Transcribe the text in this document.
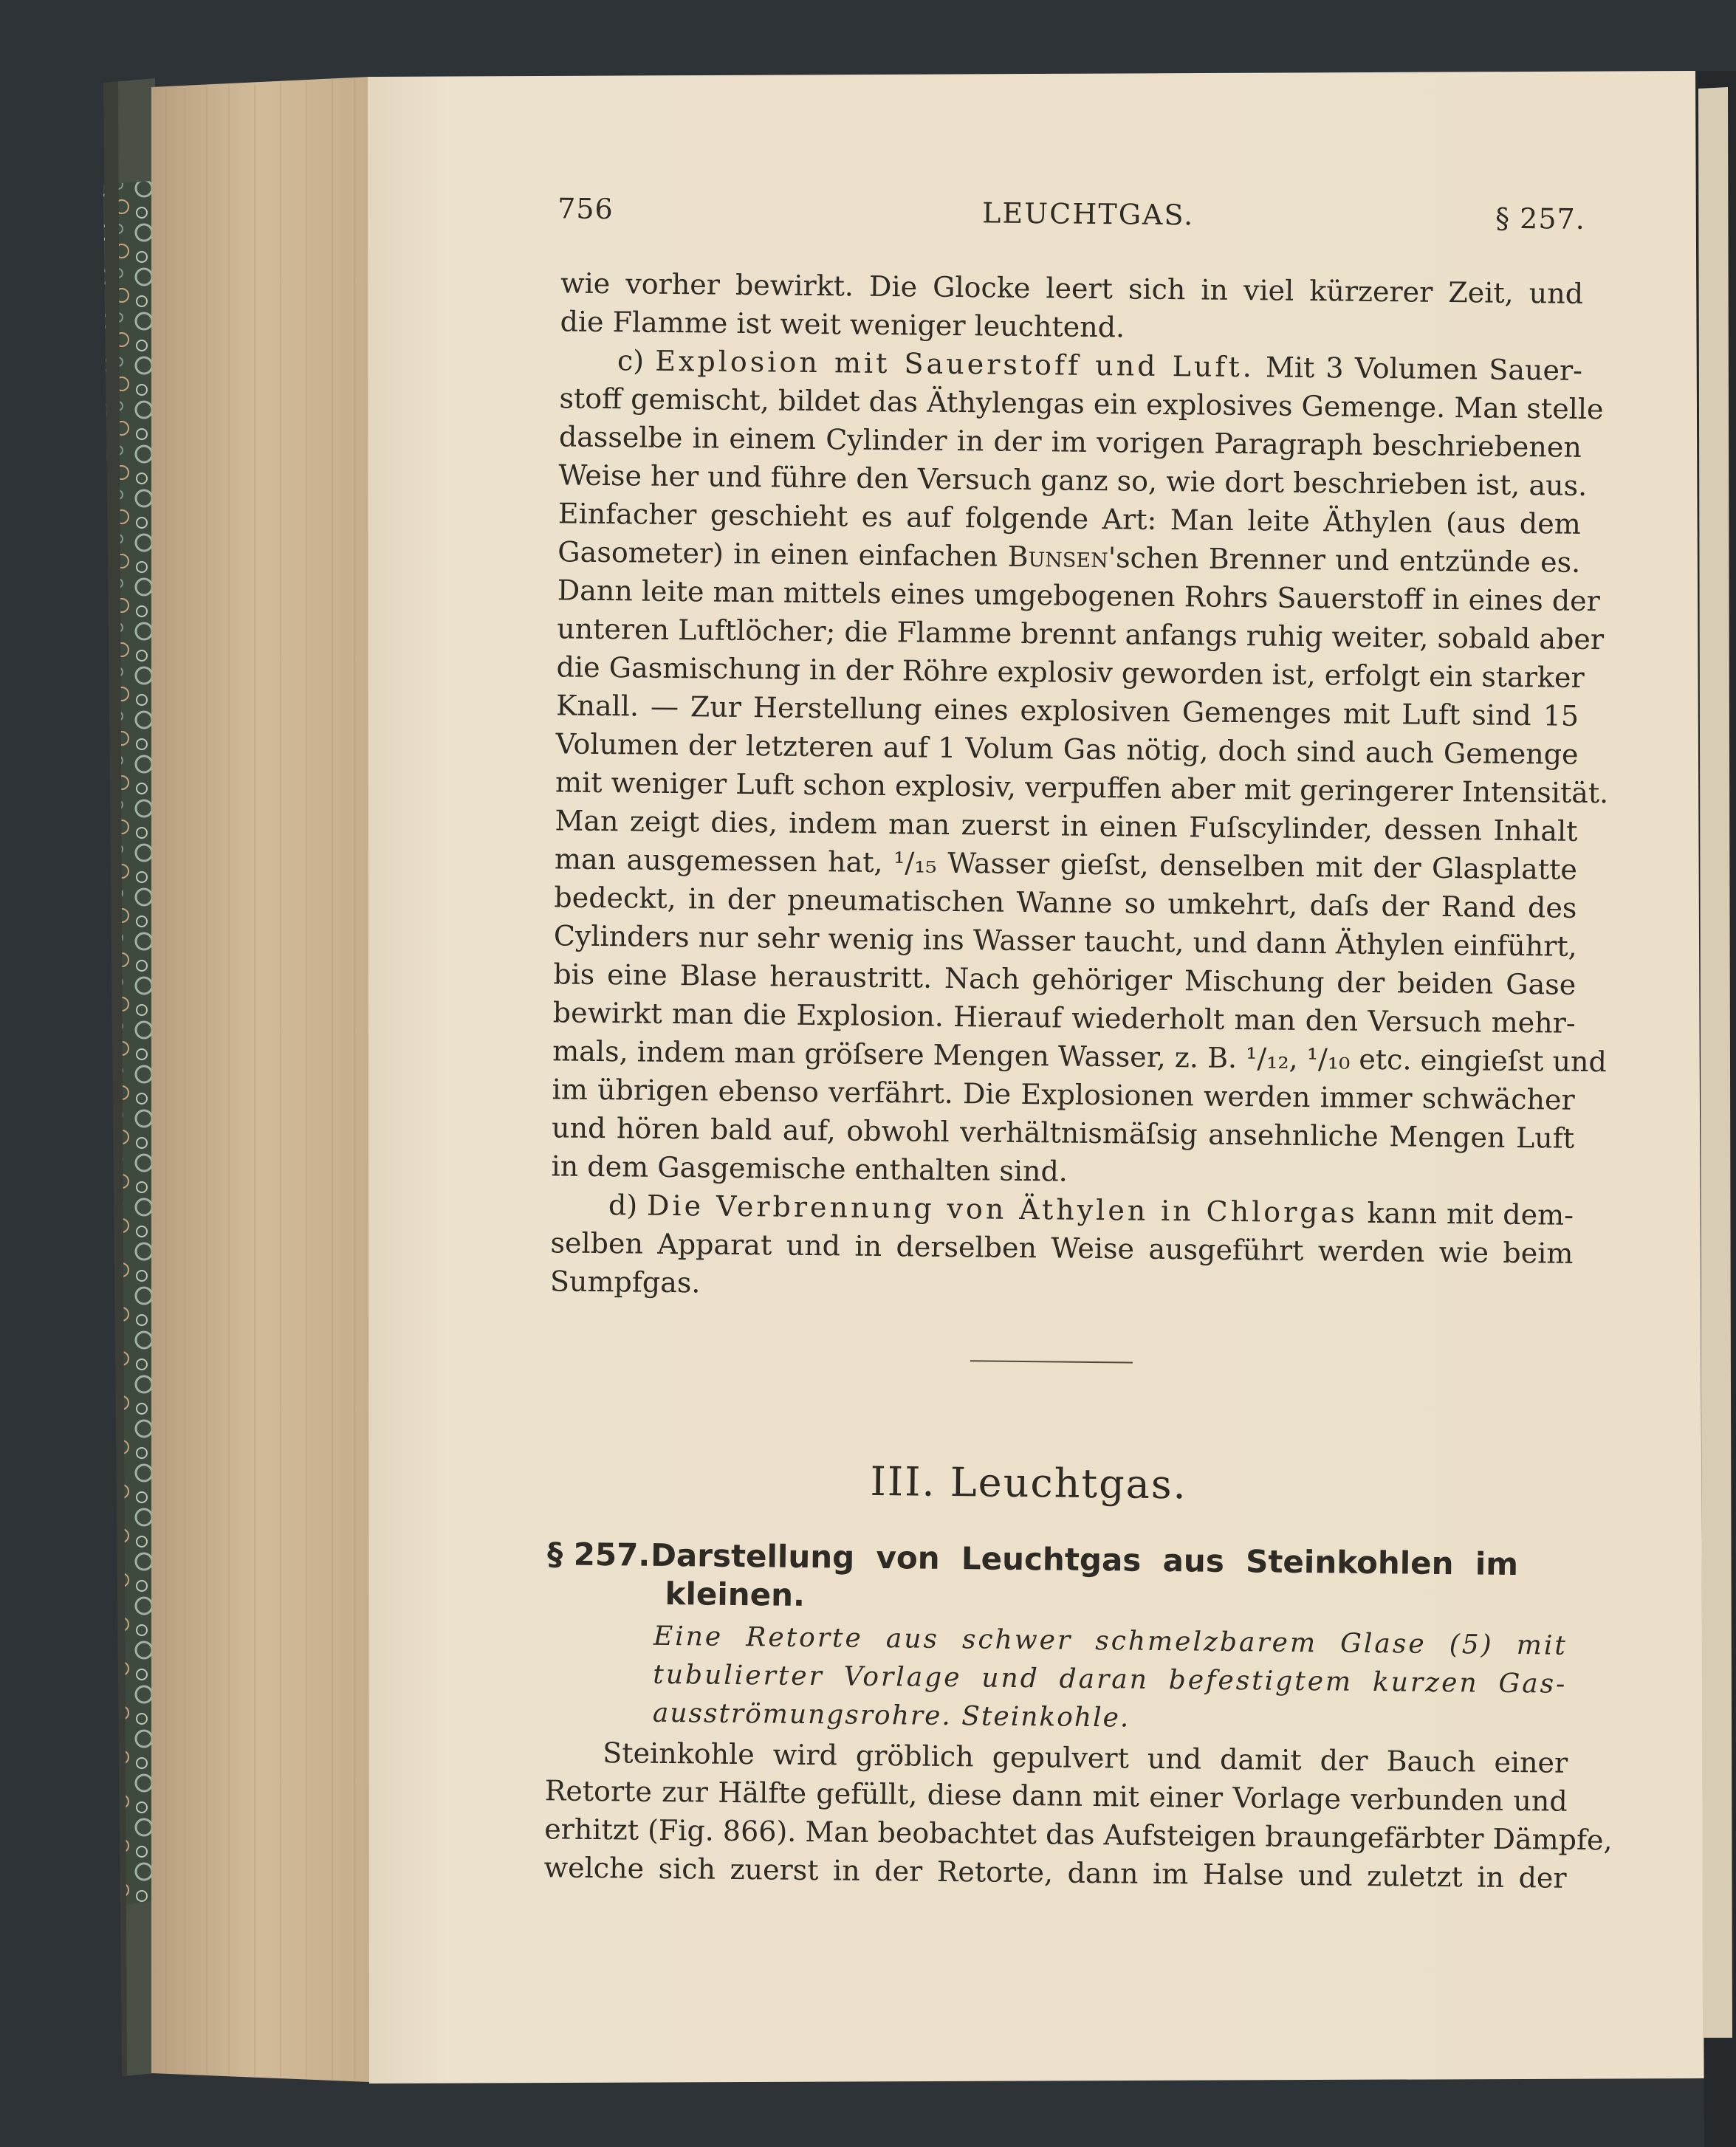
756	LEUCHTGAS.	§ 257.
wie vorher bewirkt. Die Glocke leert sich in viel kürzerer Zeit, und
die Flamme ist weit weniger leuchtend.
c) Explosion mit Sauerstoff und Luft. Mit 3 Volumen Sauer-
stoff gemischt, bildet das Äthylengas ein explosives Gemenge. Man stelle
dasselbe in einem Cylinder in der im vorigen Paragraph beschriebenen
Weise her und führe den Versuch ganz so, wie dort beschrieben ist, aus.
Einfacher geschieht es auf folgende Art: Man leite Äthylen (aus dem
Gasometer) in einen einfachen Bunsen'schen Brenner und entzünde es.
Dann leite man mittels eines umgebogenen Rohrs Sauerstoff in eines der
unteren Luftlöcher; die Flamme brennt anfangs ruhig weiter, sobald aber
die Gasmischung in der Röhre explosiv geworden ist, erfolgt ein starker
Knall. — Zur Herstellung eines explosiven Gemenges mit Luft sind 15
Volumen der letzteren auf 1 Volum Gas nötig, doch sind auch Gemenge
mit weniger Luft schon explosiv, verpuffen aber mit geringerer Intensität.
Man zeigt dies, indem man zuerst in einen Fuſscylinder, dessen Inhalt
man ausgemessen hat, ¹/₁₅ Wasser gieſst, denselben mit der Glasplatte
bedeckt, in der pneumatischen Wanne so umkehrt, daſs der Rand des
Cylinders nur sehr wenig ins Wasser taucht, und dann Äthylen einführt,
bis eine Blase heraustritt. Nach gehöriger Mischung der beiden Gase
bewirkt man die Explosion. Hierauf wiederholt man den Versuch mehr-
mals, indem man gröſsere Mengen Wasser, z. B. ¹/₁₂, ¹/₁₀ etc. eingieſst und
im übrigen ebenso verfährt. Die Explosionen werden immer schwächer
und hören bald auf, obwohl verhältnismäſsig ansehnliche Mengen Luft
in dem Gasgemische enthalten sind.
d) Die Verbrennung von Äthylen in Chlorgas kann mit dem-
selben Apparat und in derselben Weise ausgeführt werden wie beim
Sumpfgas.
III. Leuchtgas.
§ 257.Darstellung von Leuchtgas aus Steinkohlen im
kleinen.
Eine Retorte aus schwer schmelzbarem Glase (5) mit
tubulierter Vorlage und daran befestigtem kurzen Gas-
ausströmungsrohre. Steinkohle.
Steinkohle wird gröblich gepulvert und damit der Bauch einer
Retorte zur Hälfte gefüllt, diese dann mit einer Vorlage verbunden und
erhitzt (Fig. 866). Man beobachtet das Aufsteigen braungefärbter Dämpfe,
welche sich zuerst in der Retorte, dann im Halse und zuletzt in der
